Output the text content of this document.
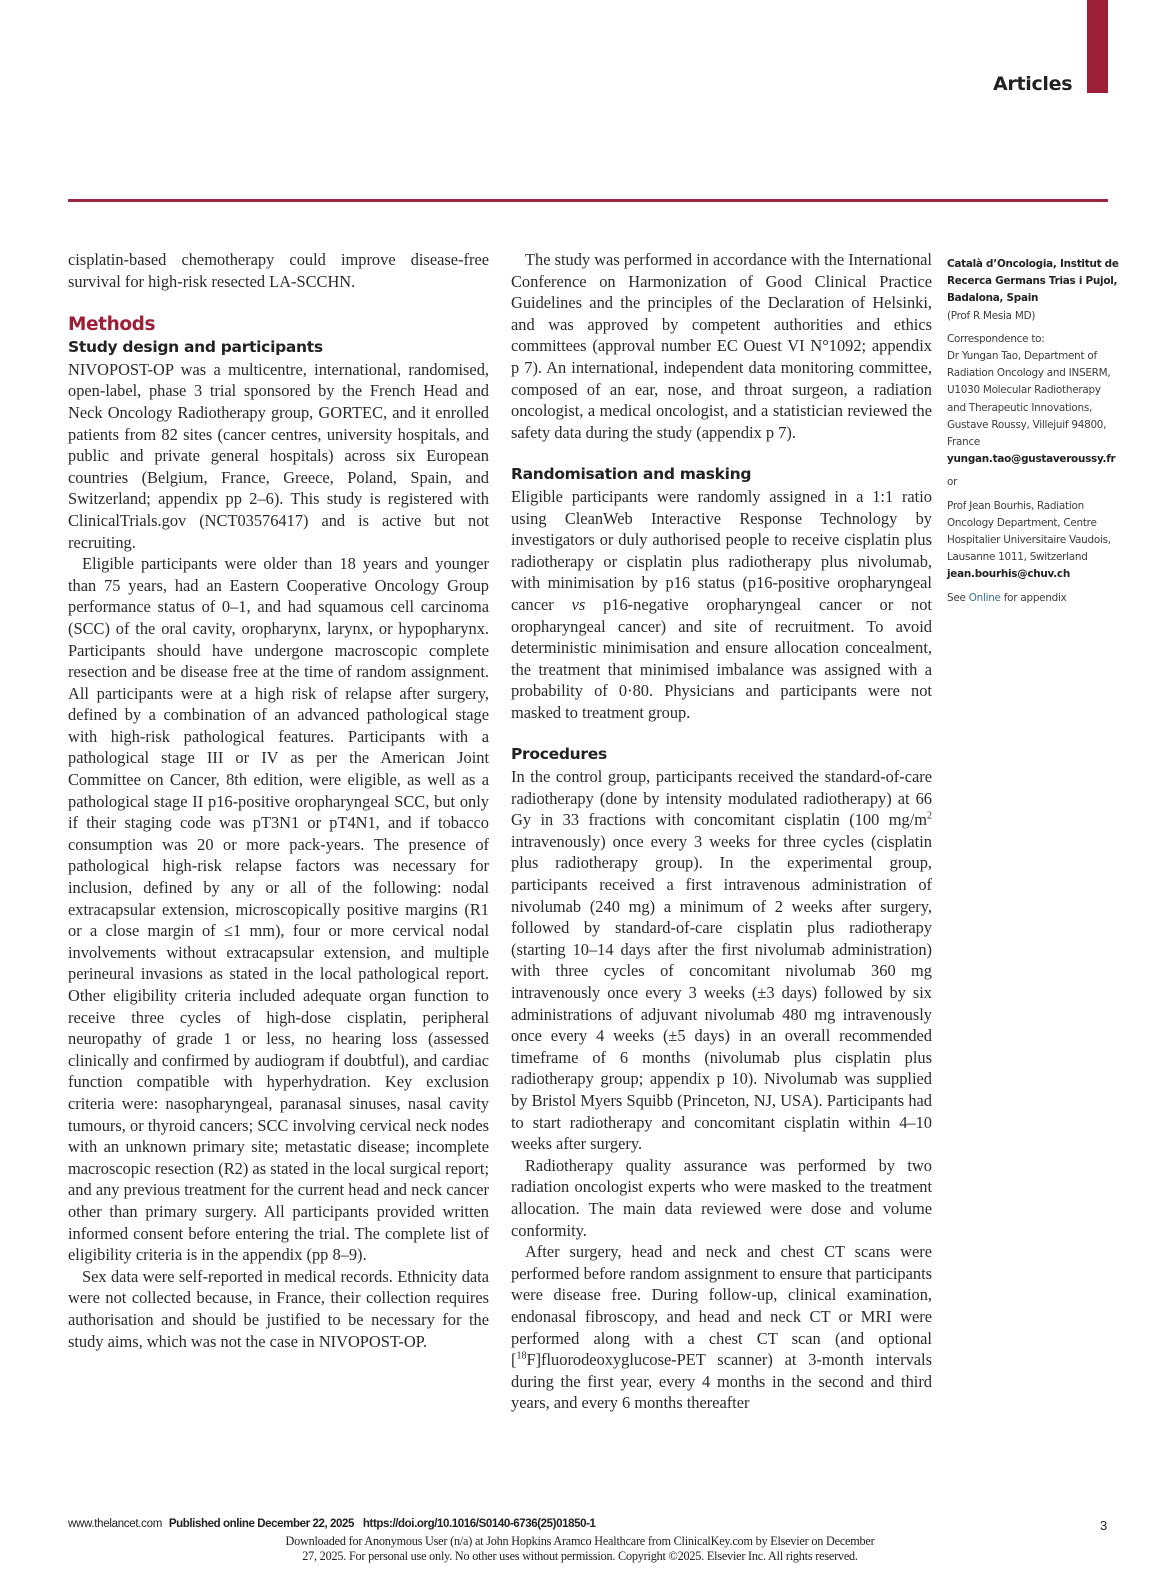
Articles

cisplatin-based chemotherapy could improve disease-free survival for high-risk resected LA-SCCHN.

Methods
Study design and participants

NIVOPOST-OP was a multicentre, international, randomised, open-label, phase 3 trial sponsored by the French Head and Neck Oncology Radiotherapy group, GORTEC, and it enrolled patients from 82 sites (cancer centres, university hospitals, and public and private general hospitals) across six European countries (Belgium, France, Greece, Poland, Spain, and Switzerland; appendix pp 2–6). This study is registered with ClinicalTrials.gov (NCT03576417) and is active but not recruiting.

Eligible participants were older than 18 years and younger than 75 years, had an Eastern Cooperative Oncology Group performance status of 0–1, and had squamous cell carcinoma (SCC) of the oral cavity, oropharynx, larynx, or hypopharynx. Participants should have undergone macroscopic complete resection and be disease free at the time of random assignment. All participants were at a high risk of relapse after surgery, defined by a combination of an advanced pathological stage with high-risk pathological features. Participants with a pathological stage III or IV as per the American Joint Committee on Cancer, 8th edition, were eligible, as well as a pathological stage II p16-positive oropharyngeal SCC, but only if their staging code was pT3N1 or pT4N1, and if tobacco consumption was 20 or more pack-years. The presence of pathological high-risk relapse factors was necessary for inclusion, defined by any or all of the following: nodal extracapsular extension, microscopically positive margins (R1 or a close margin of ≤1 mm), four or more cervical nodal involvements without extracapsular extension, and multiple perineural invasions as stated in the local pathological report. Other eligibility criteria included adequate organ function to receive three cycles of high-dose cisplatin, peripheral neuropathy of grade 1 or less, no hearing loss (assessed clinically and confirmed by audiogram if doubtful), and cardiac function compatible with hyperhydration. Key exclusion criteria were: nasopharyngeal, paranasal sinuses, nasal cavity tumours, or thyroid cancers; SCC involving cervical neck nodes with an unknown primary site; metastatic disease; incomplete macroscopic resection (R2) as stated in the local surgical report; and any previous treatment for the current head and neck cancer other than primary surgery. All participants provided written informed consent before entering the trial. The complete list of eligibility criteria is in the appendix (pp 8–9).

Sex data were self-reported in medical records. Ethnicity data were not collected because, in France, their collection requires authorisation and should be justified to be necessary for the study aims, which was not the case in NIVOPOST-OP.

The study was performed in accordance with the International Conference on Harmonization of Good Clinical Practice Guidelines and the principles of the Declaration of Helsinki, and was approved by competent authorities and ethics committees (approval number EC Ouest VI N°1092; appendix p 7). An international, independent data monitoring committee, composed of an ear, nose, and throat surgeon, a radiation oncologist, a medical oncologist, and a statistician reviewed the safety data during the study (appendix p 7).

Randomisation and masking

Eligible participants were randomly assigned in a 1:1 ratio using CleanWeb Interactive Response Technology by investigators or duly authorised people to receive cisplatin plus radiotherapy or cisplatin plus radiotherapy plus nivolumab, with minimisation by p16 status (p16-positive oropharyngeal cancer vs p16-negative oropharyngeal cancer or not oropharyngeal cancer) and site of recruitment. To avoid deterministic minimisation and ensure allocation concealment, the treatment that minimised imbalance was assigned with a probability of 0·80. Physicians and participants were not masked to treatment group.

Procedures

In the control group, participants received the standard-of-care radiotherapy (done by intensity modulated radiotherapy) at 66 Gy in 33 fractions with concomitant cisplatin (100 $mg/m^2$ intravenously) once every 3 weeks for three cycles (cisplatin plus radiotherapy group). In the experimental group, participants received a first intravenous administration of nivolumab (240 mg) a minimum of 2 weeks after surgery, followed by standard-of-care cisplatin plus radiotherapy (starting 10–14 days after the first nivolumab administration) with three cycles of concomitant nivolumab 360 mg intravenously once every 3 weeks (±3 days) followed by six administrations of adjuvant nivolumab 480 mg intravenously once every 4 weeks (±5 days) in an overall recommended timeframe of 6 months (nivolumab plus cisplatin plus radiotherapy group; appendix p 10). Nivolumab was supplied by Bristol Myers Squibb (Princeton, NJ, USA). Participants had to start radiotherapy and concomitant cisplatin within 4–10 weeks after surgery.

Radiotherapy quality assurance was performed by two radiation oncologist experts who were masked to the treatment allocation. The main data reviewed were dose and volume conformity.

After surgery, head and neck and chest CT scans were performed before random assignment to ensure that participants were disease free. During follow-up, clinical examination, endonasal fibroscopy, and head and neck CT or MRI were performed along with a chest CT scan (and optional [$^{18}$F]fluorodeoxyglucose-PET scanner) at 3-month intervals during the first year, every 4 months in the second and third years, and every 6 months thereafter

Català d’Oncologia, Institut de Recerca Germans Trias i Pujol, Badalona, Spain
(Prof R Mesia MD)
Correspondence to:
Dr Yungan Tao, Department of Radiation Oncology and INSERM, U1030 Molecular Radiotherapy and Therapeutic Innovations, Gustave Roussy, Villejuif 94800, France
yungan.tao@gustaveroussy.fr
or
Prof Jean Bourhis, Radiation Oncology Department, Centre Hospitalier Universitaire Vaudois, Lausanne 1011, Switzerland
jean.bourhis@chuv.ch
See Online for appendix
www.thelancet.com Published online December 22, 2025 https://doi.org/10.1016/S0140-6736(25)01850-1	3
Downloaded for Anonymous User (n/a) at John Hopkins Aramco Healthcare from ClinicalKey.com by Elsevier on December
27, 2025. For personal use only. No other uses without permission. Copyright ©2025. Elsevier Inc. All rights reserved.
